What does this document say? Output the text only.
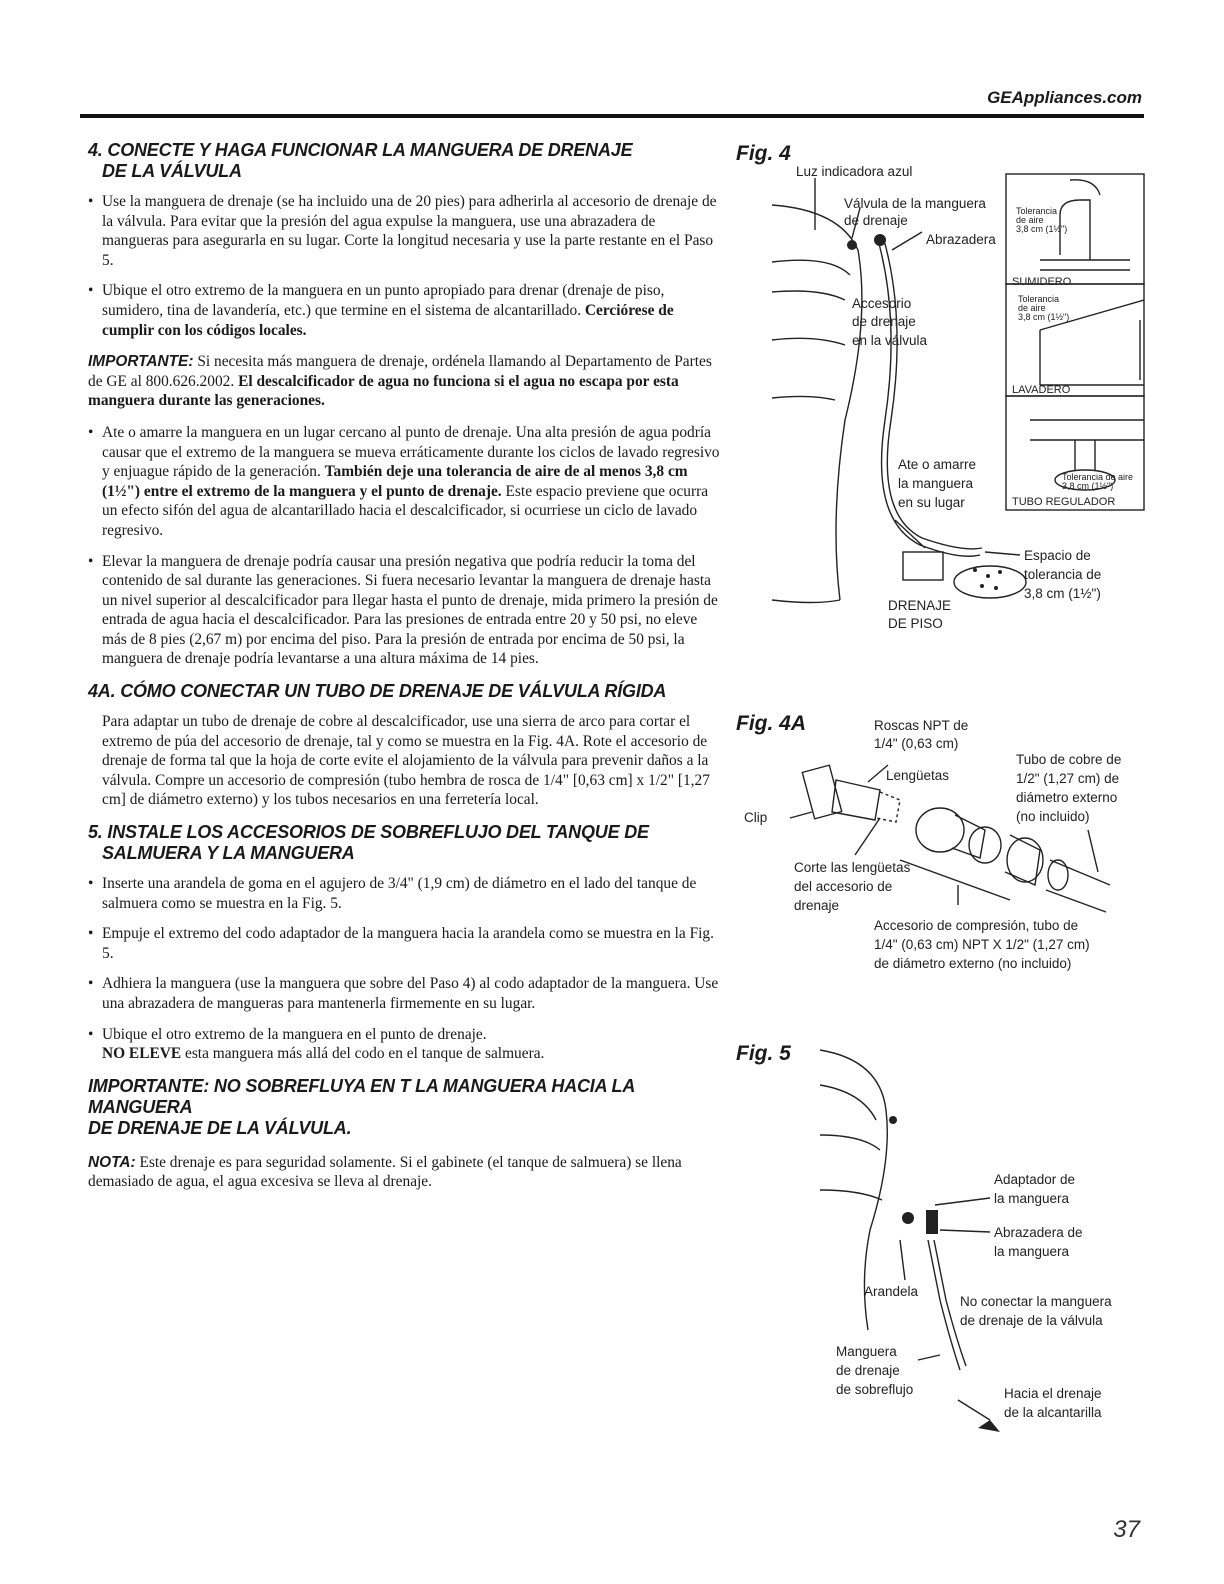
GEAppliances.com
4. CONECTE Y HAGA FUNCIONAR LA MANGUERA DE DRENAJE
DE LA VÁLVULA
• Use la manguera de drenaje (se ha incluido una de 20 pies) para adherirla al accesorio de drenaje de la válvula. Para evitar que la presión del agua expulse la manguera, use una abrazadera de mangueras para asegurarla en su lugar. Corte la longitud necesaria y use la parte restante en el Paso 5.
• Ubique el otro extremo de la manguera en un punto apropiado para drenar (drenaje de piso, sumidero, tina de lavandería, etc.) que termine en el sistema de alcantarillado. Cerciórese de cumplir con los códigos locales.

IMPORTANTE: Si necesita más manguera de drenaje, ordénela llamando al Departamento de Partes de GE al 800.626.2002. El descalcificador de agua no funciona si el agua no escapa por esta manguera durante las generaciones.

• Ate o amarre la manguera en un lugar cercano al punto de drenaje. Una alta presión de agua podría causar que el extremo de la manguera se mueva erráticamente durante los ciclos de lavado regresivo y enjuague rápido de la generación. También deje una tolerancia de aire de al menos 3,8 cm (1½") entre el extremo de la manguera y el punto de drenaje. Este espacio previene que ocurra un efecto sifón del agua de alcantarillado hacia el descalcificador, si ocurriese un ciclo de lavado regresivo.
• Elevar la manguera de drenaje podría causar una presión negativa que podría reducir la toma del contenido de sal durante las generaciones. Si fuera necesario levantar la manguera de drenaje hasta un nivel superior al descalcificador para llegar hasta el punto de drenaje, mida primero la presión de entrada de agua hacia el descalcificador. Para las presiones de entrada entre 20 y 50 psi, no eleve más de 8 pies (2,67 m) por encima del piso. Para la presión de entrada por encima de 50 psi, la manguera de drenaje podría levantarse a una altura máxima de 14 pies.
4A. CÓMO CONECTAR UN TUBO DE DRENAJE DE VÁLVULA RÍGIDA

Para adaptar un tubo de drenaje de cobre al descalcificador, use una sierra de arco para cortar el extremo de púa del accesorio de drenaje, tal y como se muestra en la Fig. 4A. Rote el accesorio de drenaje de forma tal que la hoja de corte evite el alojamiento de la válvula para prevenir daños a la válvula. Compre un accesorio de compresión (tubo hembra de rosca de 1/4" [0,63 cm] x 1/2" [1,27 cm] de diámetro externo) y los tubos necesarios en una ferretería local.

5. INSTALE LOS ACCESORIOS DE SOBREFLUJO DEL TANQUE DE
SALMUERA Y LA MANGUERA
• Inserte una arandela de goma en el agujero de 3/4" (1,9 cm) de diámetro en el lado del tanque de salmuera como se muestra en la Fig. 5.
• Empuje el extremo del codo adaptador de la manguera hacia la arandela como se muestra en la Fig. 5.
• Adhiera la manguera (use la manguera que sobre del Paso 4) al codo adaptador de la manguera. Use una abrazadera de mangueras para mantenerla firmemente en su lugar.
• Ubique el otro extremo de la manguera en el punto de drenaje.
NO ELEVE esta manguera más allá del codo en el tanque de salmuera.
IMPORTANTE: NO SOBREFLUYA EN T LA MANGUERA HACIA LA MANGUERA
DE DRENAJE DE LA VÁLVULA.

NOTA: Este drenaje es para seguridad solamente. Si el gabinete (el tanque de salmuera) se llena demasiado de agua, el agua excesiva se lleva al drenaje.

Fig. 4
Luz indicadora azul
Válvula de la manguera
de drenaje
Abrazadera
Accesorio
de drenaje
en la válvula
Ate o amarre
la manguera
en su lugar
Espacio de
tolerancia de
3,8 cm (1½")
DRENAJE
DE PISO
SUMIDERO
Tolerancia
de aire
3,8 cm (1½")
LAVADERO
Tolerancia
de aire
3,8 cm (1½")
TUBO REGULADOR
Tolerancia de aire
3,8 cm (1½")
Fig. 4A	Roscas NPT de
1/4" (0,63 cm)
Lengüetas
Tubo de cobre de
1/2" (1,27 cm) de
diámetro externo
(no incluido)
Clip
Corte las lengüetas
del accesorio de
drenaje
Accesorio de compresión, tubo de
1/4" (0,63 cm) NPT X 1/2" (1,27 cm)
de diámetro externo (no incluido)
Fig. 5
Adaptador de
la manguera
Abrazadera de
la manguera
Arandela
No conectar la manguera
de drenaje de la válvula
Manguera
de drenaje
de sobreflujo	Hacia el drenaje
de la alcantarilla
37
